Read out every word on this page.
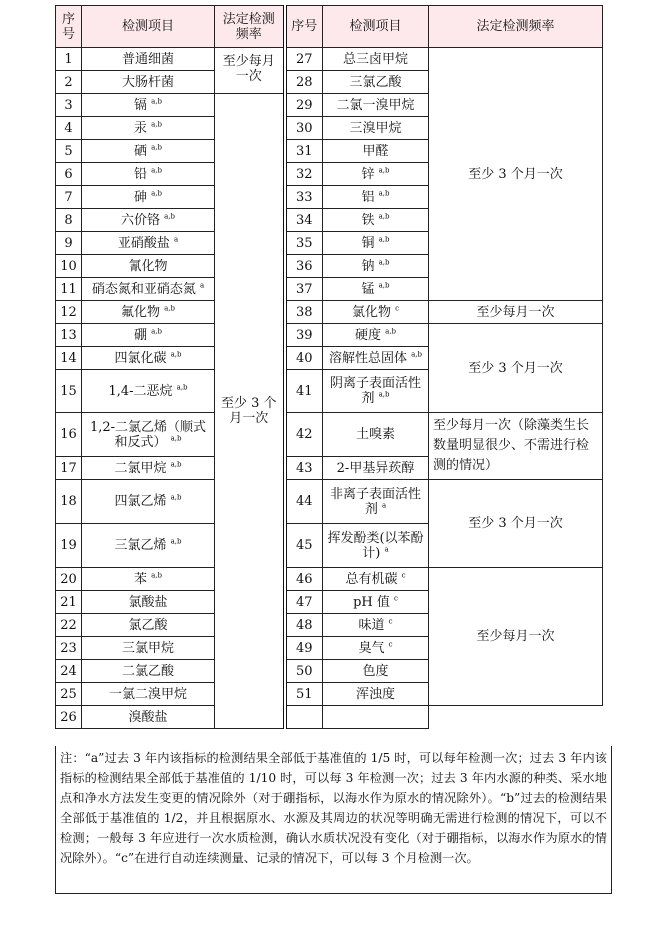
序号	检测项目	法定检测频率	序号	检测项目	法定检测频率
1	普通细菌	至少每月一次	27	总三卤甲烷	至少 3 个月一次
2	大肠杆菌		28	三氯乙酸	
3	镉 $^{a,b}$	至少 3 个月一次	29	二氯一溴甲烷	
4	汞 $^{a,b}$		30	三溴甲烷	
5	硒 $^{a,b}$		31	甲醛	
6	铅 $^{a,b}$		32	锌 $^{a,b}$
7	砷 $^{a,b}$		33	铝 $^{a,b}$
8	六价铬 $^{a,b}$		34	铁 $^{a,b}$
9	亚硝酸盐 $^a$		35	铜 $^{a,b}$
10	氰化物		36	钠 $^{a,b}$
11	硝态氮和亚硝态氮 $^a$		37	锰 $^{a,b}$
12	氟化物 $^{a,b}$		38	氯化物 $^c$	至少每月一次
13	硼 $^{a,b}$		39	硬度 $^{a,b}$	至少 3 个月一次
14	四氯化碳 $^{a,b}$		40	溶解性总固体 $^{a,b}$
15	1,4-二恶烷 $^{a,b}$		41	阴离子表面活性剂 $^{a,b}$
16	1,2-二氯乙烯（顺式和反式） $^{a,b}$		42	土嗅素	至少每月一次（除藻类生长数量明显很少、不需进行检测的情况）
17	二氯甲烷 $^{a,b}$		43	2-甲基异莰醇	
18	四氯乙烯 $^{a,b}$		44	非离子表面活性剂 $^a$	至少 3 个月一次
19	三氯乙烯 $^{a,b}$		45	挥发酚类(以苯酚计) $^a$
20	苯 $^{a,b}$		46	总有机碳 $^c$	至少每月一次
21	氯酸盐		47	pH 值 $^c$
22	氯乙酸		48	味道 $^c$
23	三氯甲烷		49	臭气 $^c$
24	二氯乙酸		50	色度	
25	一氯二溴甲烷		51	浑浊度	
26	溴酸盐				
注：“a”过去 3 年内该指标的检测结果全部低于基准值的 1/5 时，可以每年检测一次；过去 3 年内该指标的检测结果全部低于基准值的 1/10 时，可以每 3 年检测一次；过去 3 年内水源的种类、采水地点和净水方法发生变更的情况除外（对于硼指标，以海水作为原水的情况除外）。“b”过去的检测结果全部低于基准值的 1/2，并且根据原水、水源及其周边的状况等明确无需进行检测的情况下，可以不检测；一般每 3 年应进行一次水质检测，确认水质状况没有变化（对于硼指标，以海水作为原水的情况除外）。“c”在进行自动连续测量、记录的情况下，可以每 3 个月检测一次。
